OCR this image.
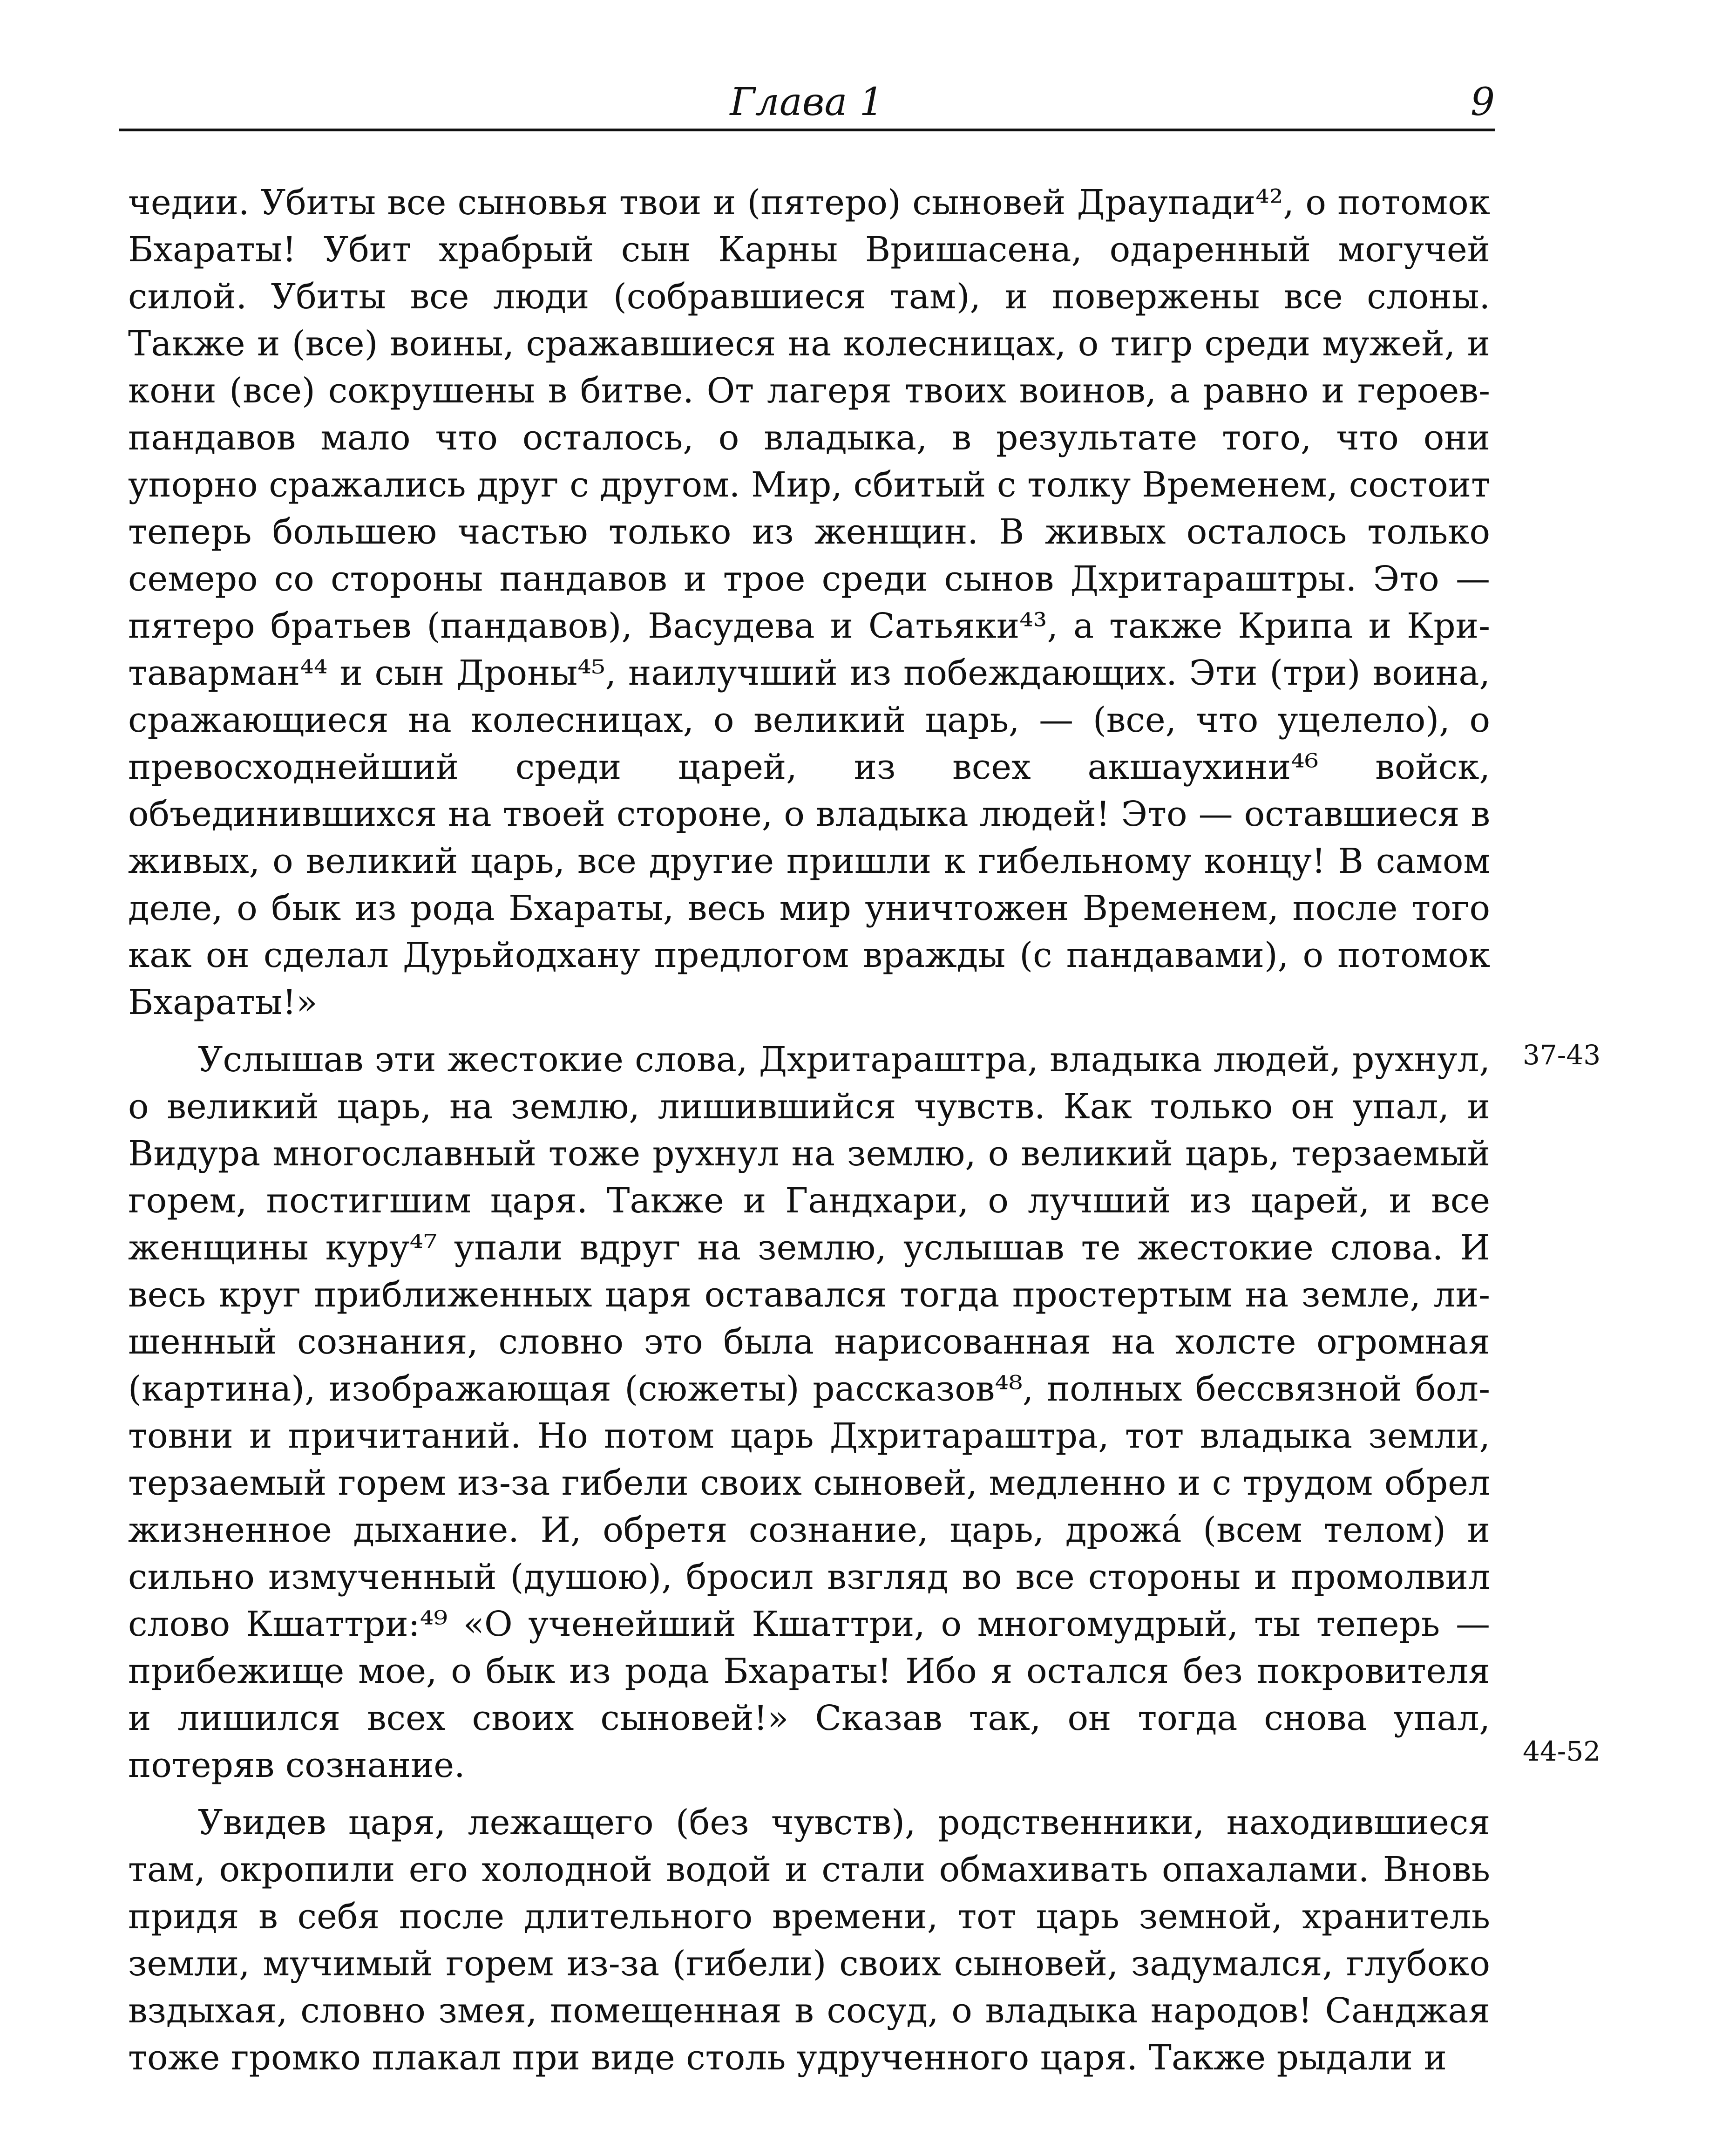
Глава 1	9

чедии. Убиты все сыновья твои и (пятеро) сыновей Драупади⁴², о потомок Бхараты! Убит храбрый сын Карны Вришасена, одаренный могучей силой. Убиты все люди (собравшиеся там), и повержены все слоны. Также и (все) воины, сражавшиеся на колесницах, о тигр среди мужей, и кони (все) сокрушены в битве. От лагеря твоих воинов, а равно и героев-пандавов мало что осталось, о владыка, в результате того, что они упорно сражались друг с другом. Мир, сбитый с толку Временем, состоит теперь большею частью только из женщин. В живых осталось только семеро со стороны пандавов и трое среди сынов Дхритараштры. Это — пятеро братьев (пандавов), Васудева и Сатьяки⁴³, а также Крипа и Критаварман⁴⁴ и сын Дроны⁴⁵, наилучший из побеждающих. Эти (три) воина, сражающиеся на колесницах, о великий царь, — (все, что уцелело), о превосходнейший среди царей, из всех акшаухини⁴⁶ войск, объединившихся на твоей стороне, о владыка людей! Это — оставшиеся в живых, о великий царь, все другие пришли к гибельному концу! В самом деле, о бык из рода Бхараты, весь мир уничтожен Временем, после того как он сделал Дурьйодхану предлогом вражды (с пандавами), о потомок Бхараты!»

Услышав эти жестокие слова, Дхритараштра, владыка людей, рухнул, о великий царь, на землю, лишившийся чувств. Как только он упал, и Видура многославный тоже рухнул на землю, о великий царь, терзаемый горем, постигшим царя. Также и Гандхари, о лучший из царей, и все женщины куру⁴⁷ упали вдруг на землю, услышав те жестокие слова. И весь круг приближенных царя оставался тогда простертым на земле, лишенный сознания, словно это была нарисованная на холсте огромная (картина), изображающая (сюжеты) рассказов⁴⁸, полных бессвязной болтовни и причитаний. Но потом царь Дхритараштра, тот владыка земли, терзаемый горем из-за гибели своих сыновей, медленно и с трудом обрел жизненное дыхание. И, обретя сознание, царь, дрожа́ (всем телом) и сильно измученный (душою), бросил взгляд во все стороны и промолвил слово Кшаттри:⁴⁹ «О ученейший Кшаттри, о многомудрый, ты теперь — прибежище мое, о бык из рода Бхараты! Ибо я остался без покровителя и лишился всех своих сыновей!» Сказав так, он тогда снова упал, потеряв сознание.

Увидев царя, лежащего (без чувств), родственники, находившиеся там, окропили его холодной водой и стали обмахивать опахалами. Вновь придя в себя после длительного времени, тот царь земной, хранитель земли, мучимый горем из-за (гибели) своих сыновей, задумался, глубоко вздыхая, словно змея, помещенная в сосуд, о владыка народов! Санджая тоже громко плакал при виде столь удрученного царя. Также рыдали и

37-43
44-52
